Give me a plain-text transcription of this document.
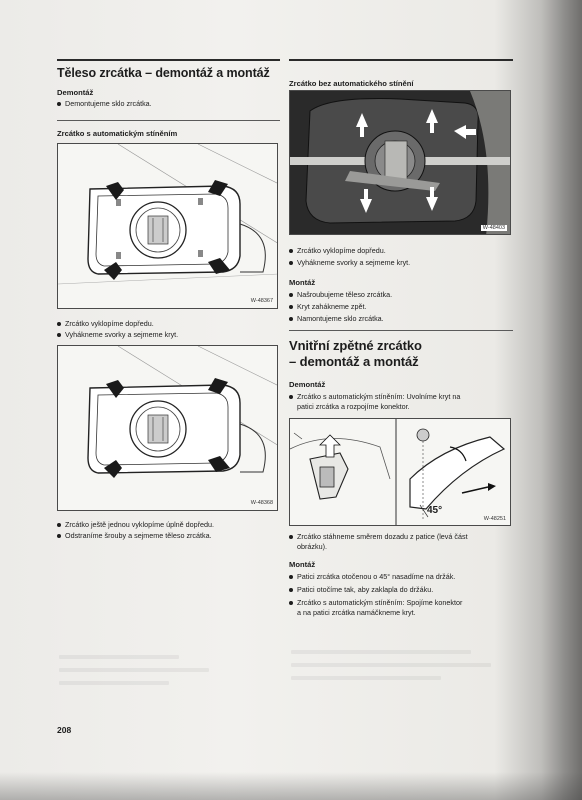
Těleso zrcátka – demontáž a montáž
Demontáž
Demontujeme sklo zrcátka.
Zrcátko s automatickým stíněním
W-48367
Zrcátko vyklopíme dopředu.
Vyhákneme svorky a sejmeme kryt.
W-48368
Zrcátko ještě jednou vyklopíme úplně dopředu.
Odstraníme šrouby a sejmeme těleso zrcátka.
208
Zrcátko bez automatického stínění
W-48403
Zrcátko vyklopíme dopředu.
Vyhákneme svorky a sejmeme kryt.
Montáž
Našroubujeme těleso zrcátka.
Kryt zahákneme zpět.
Namontujeme sklo zrcátka.
Vnitřní zpětné zrcátko
– demontáž a montáž
Demontáž
Zrcátko s automatickým stíněním: Uvolníme kryt na
patici zrcátka a rozpojíme konektor.
45°
W-48251
Zrcátko stáhneme směrem dozadu z patice (levá část
obrázku).
Montáž
Patici zrcátka otočenou o 45° nasadíme na držák.
Patici otočíme tak, aby zaklapla do držáku.
Zrcátko s automatickým stíněním: Spojíme konektor
a na patici zrcátka namáčkneme kryt.
